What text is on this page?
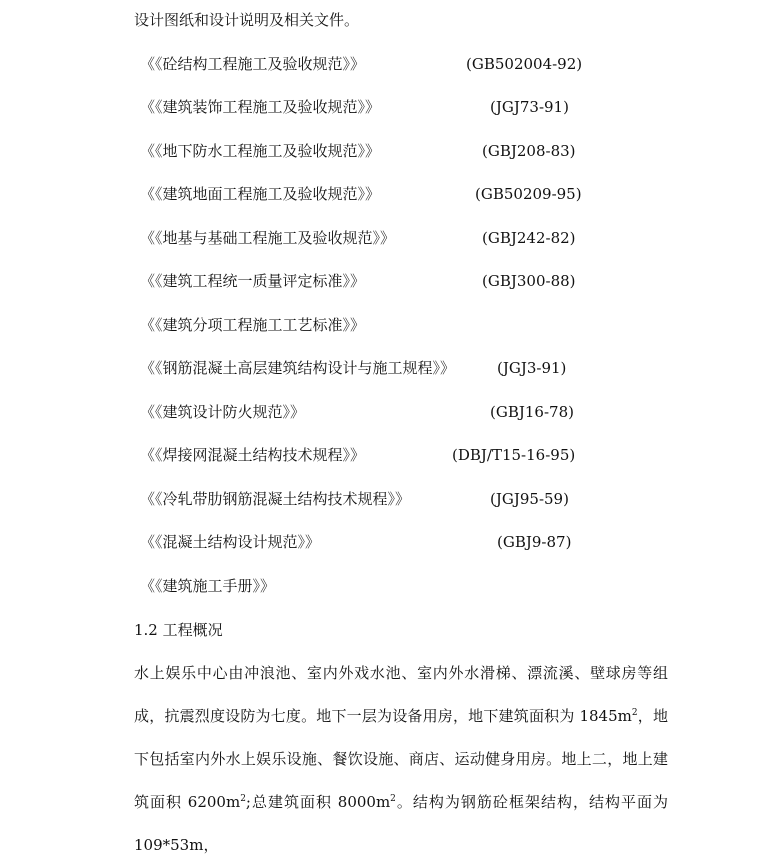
设计图纸和设计说明及相关文件。
《《砼结构工程施工及验收规范》》	(GB502004-92)
《《建筑装饰工程施工及验收规范》》	(JGJ73-91)
《《地下防水工程施工及验收规范》》	(GBJ208-83)
《《建筑地面工程施工及验收规范》》	(GB50209-95)
《《地基与基础工程施工及验收规范》》	(GBJ242-82)
《《建筑工程统一质量评定标准》》	(GBJ300-88)
《《建筑分项工程施工工艺标准》》
《《钢筋混凝土高层建筑结构设计与施工规程》》	(JGJ3-91)
《《建筑设计防火规范》》	(GBJ16-78)
《《焊接网混凝土结构技术规程》》	(DBJ/T15-16-95)
《《冷轧带肋钢筋混凝土结构技术规程》》	(JGJ95-59)
《《混凝土结构设计规范》》	(GBJ9-87)
《《建筑施工手册》》
1.2 工程概况
水上娱乐中心由冲浪池、室内外戏水池、室内外水滑梯、漂流溪、壁球房等组成，抗震烈度设防为七度。地下一层为设备用房，地下建筑面积为 $1845m^2$，地下包括室内外水上娱乐设施、餐饮设施、商店、运动健身用房。地上二，地上建筑面积 $6200m^2$;总建筑面积 $8000m^2$。结构为钢筋砼框架结构，结构平面为 109*53m，
